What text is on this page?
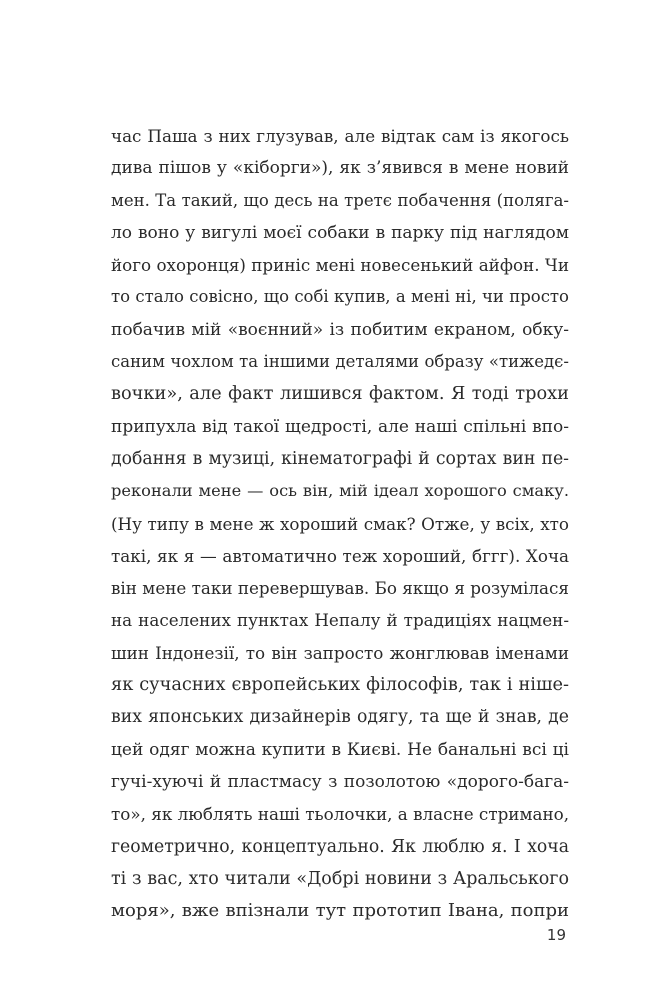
час Паша з них глузував, але відтак сам із якогось
дива пішов у «кіборги»), як з’явився в мене новий
мен. Та такий, що десь на третє побачення (поляга-
ло воно у вигулі моєї собаки в парку під наглядом
його охоронця) приніс мені новесенький айфон. Чи
то стало совісно, що собі купив, а мені ні, чи просто
побачив мій «воєнний» із побитим екраном, обку-
саним чохлом та іншими деталями образу «тижедє-
вочки», але факт лишився фактом. Я тоді трохи
припухла від такої щедрості, але наші спільні впо-
добання в музиці, кінематографі й сортах вин пе-
реконали мене — ось він, мій ідеал хорошого смаку.
(Ну типу в мене ж хороший смак? Отже, у всіх, хто
такі, як я — автоматично теж хороший, бггг). Хоча
він мене таки перевершував. Бо якщо я розумілася
на населених пунктах Непалу й традиціях нацмен-
шин Індонезії, то він запросто жонглював іменами
як сучасних європейських філософів, так і ніше-
вих японських дизайнерів одягу, та ще й знав, де
цей одяг можна купити в Києві. Не банальні всі ці
гучі-хуючі й пластмасу з позолотою «дорого-бага-
то», як люблять наші тьолочки, а власне стримано,
геометрично, концептуально. Як люблю я. І хоча
ті з вас, хто читали «Добрі новини з Аральського
моря», вже впізнали тут прототип Івана, попри
19
